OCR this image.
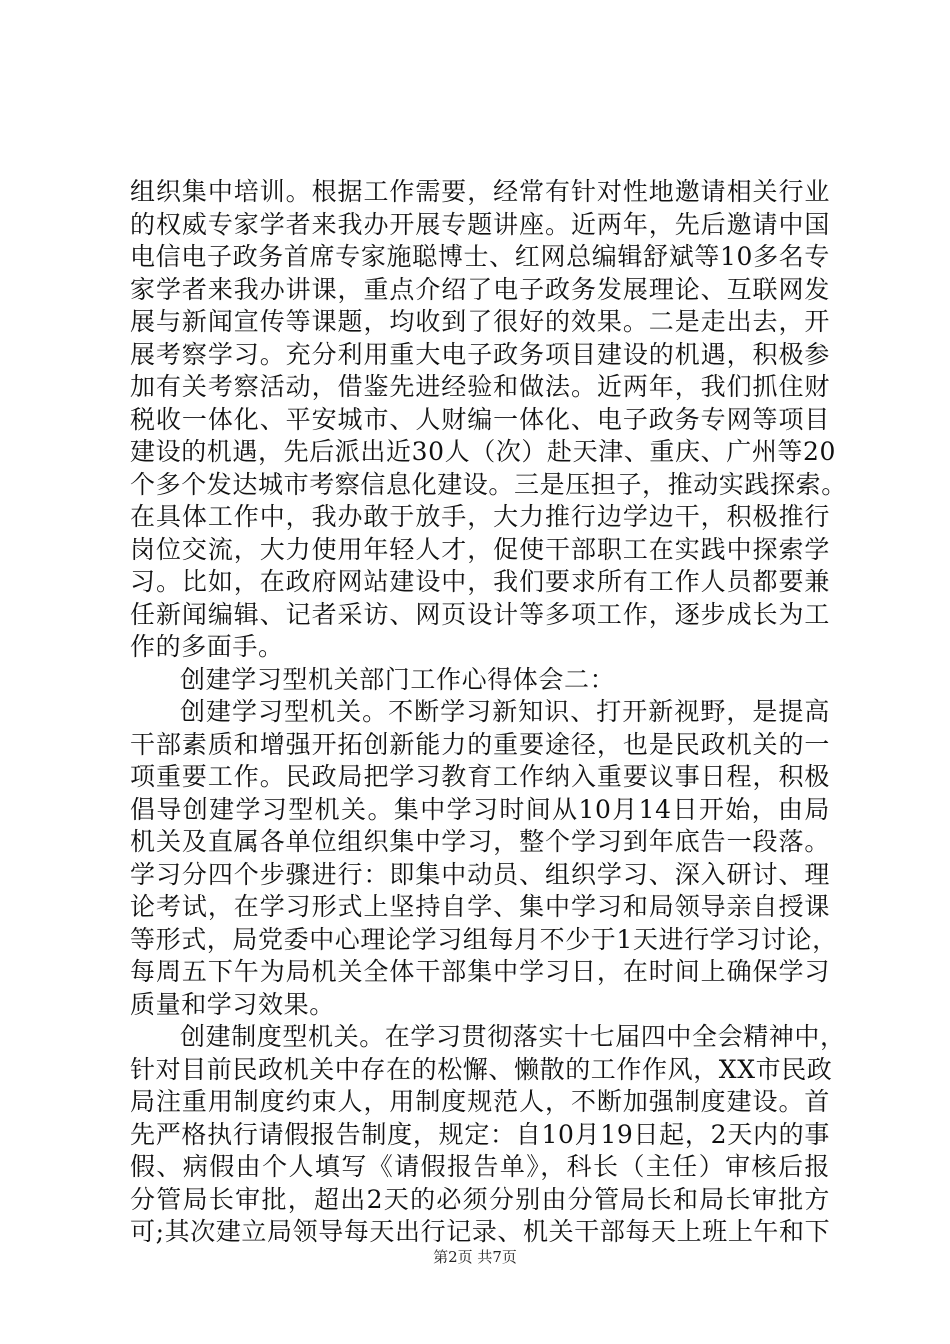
组织集中培训。根据工作需要，经常有针对性地邀请相关行业
的权威专家学者来我办开展专题讲座。近两年，先后邀请中国
电信电子政务首席专家施聪博士、红网总编辑舒斌等10多名专
家学者来我办讲课，重点介绍了电子政务发展理论、互联网发
展与新闻宣传等课题，均收到了很好的效果。二是走出去，开
展考察学习。充分利用重大电子政务项目建设的机遇，积极参
加有关考察活动，借鉴先进经验和做法。近两年，我们抓住财
税收一体化、平安城市、人财编一体化、电子政务专网等项目
建设的机遇，先后派出近30人（次）赴天津、重庆、广州等20
个多个发达城市考察信息化建设。三是压担子，推动实践探索。
在具体工作中，我办敢于放手，大力推行边学边干，积极推行
岗位交流，大力使用年轻人才，促使干部职工在实践中探索学
习。比如，在政府网站建设中，我们要求所有工作人员都要兼
任新闻编辑、记者采访、网页设计等多项工作，逐步成长为工
作的多面手。
创建学习型机关部门工作心得体会二：
创建学习型机关。不断学习新知识、打开新视野，是提高
干部素质和增强开拓创新能力的重要途径，也是民政机关的一
项重要工作。民政局把学习教育工作纳入重要议事日程，积极
倡导创建学习型机关。集中学习时间从10月14日开始，由局
机关及直属各单位组织集中学习，整个学习到年底告一段落。
学习分四个步骤进行：即集中动员、组织学习、深入研讨、理
论考试，在学习形式上坚持自学、集中学习和局领导亲自授课
等形式，局党委中心理论学习组每月不少于1天进行学习讨论，
每周五下午为局机关全体干部集中学习日，在时间上确保学习
质量和学习效果。
创建制度型机关。在学习贯彻落实十七届四中全会精神中，
针对目前民政机关中存在的松懈、懒散的工作作风，XX市民政
局注重用制度约束人，用制度规范人，不断加强制度建设。首
先严格执行请假报告制度，规定：自10月19日起，2天内的事
假、病假由个人填写《请假报告单》，科长（主任）审核后报
分管局长审批，超出2天的必须分别由分管局长和局长审批方
可;其次建立局领导每天出行记录、机关干部每天上班上午和下
第2页 共7页
